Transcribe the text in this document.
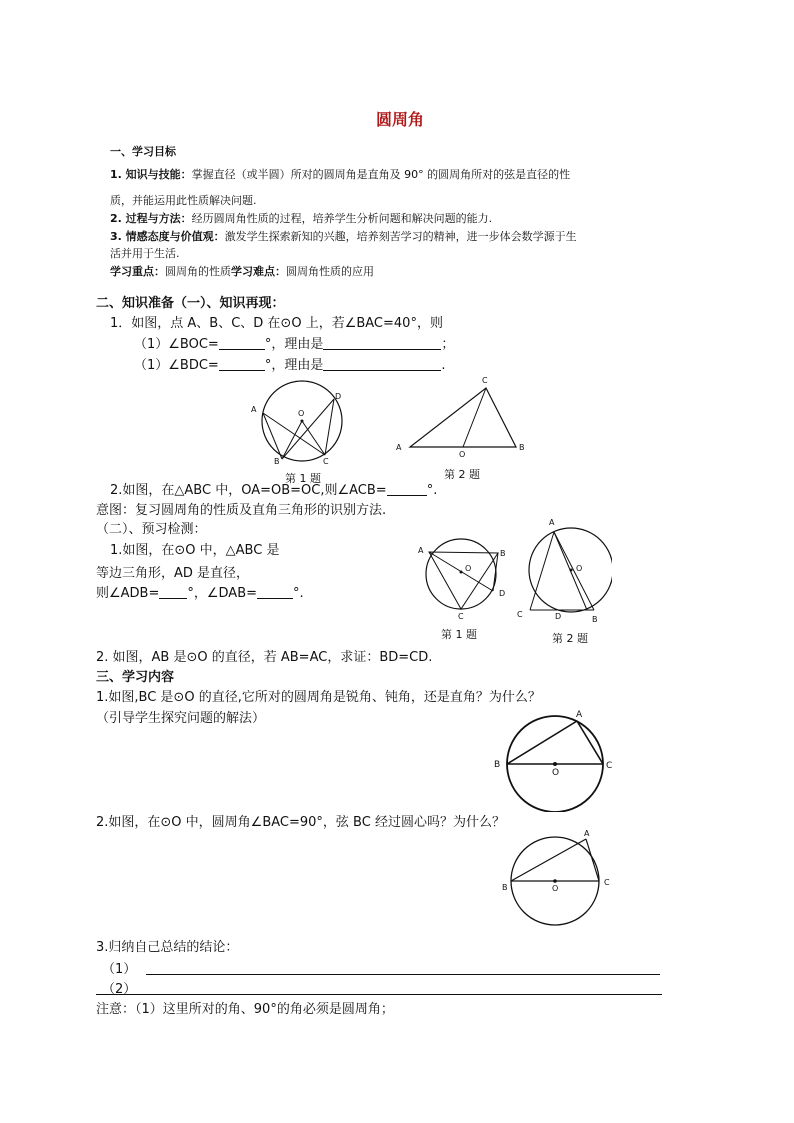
圆周角
一、学习目标
1. 知识与技能：掌握直径（或半圆）所对的圆周角是直角及 90° 的圆周角所对的弦是直径的性
质，并能运用此性质解决问题.
2. 过程与方法：经历圆周角性质的过程，培养学生分析问题和解决问题的能力.
3. 情感态度与价值观：激发学生探索新知的兴趣，培养刻苦学习的精神，进一步体会数学源于生
活并用于生活.
学习重点：圆周角的性质学习难点：圆周角性质的应用
二、知识准备（一）、知识再现：
1．如图，点 A、B、C、D 在⊙O 上，若∠BAC=40°，则
（1）∠BOC=	°，理由是	；
（1）∠BDC=	°，理由是	.
A
B	C
D
O
第 1 题
A	B
C
O
第 2 题
2.如图，在△ABC 中，OA=OB=OC,则∠ACB=	°.
意图：复习圆周角的性质及直角三角形的识别方法.
（二）、预习检测：
1.如图，在⊙O 中，△ABC 是
等边三角形，AD 是直径，
则∠ADB= °，∠DAB=	°.
A	B
C
D
O
第 1 题
A
C
B
D
O
第 2 题
2. 如图，AB 是⊙O 的直径，若 AB=AC，求证：BD=CD.
三、学习内容
1.如图,BC 是⊙O 的直径,它所对的圆周角是锐角、钝角，还是直角？为什么？
（引导学生探究问题的解法）
B	C
A
O
2.如图，在⊙O 中，圆周角∠BAC=90°，弦 BC 经过圆心吗？为什么？
B
C
A
O
3.归纳自己总结的结论：
（1）
（2）
注意：（1）这里所对的角、90°的角必须是圆周角；
